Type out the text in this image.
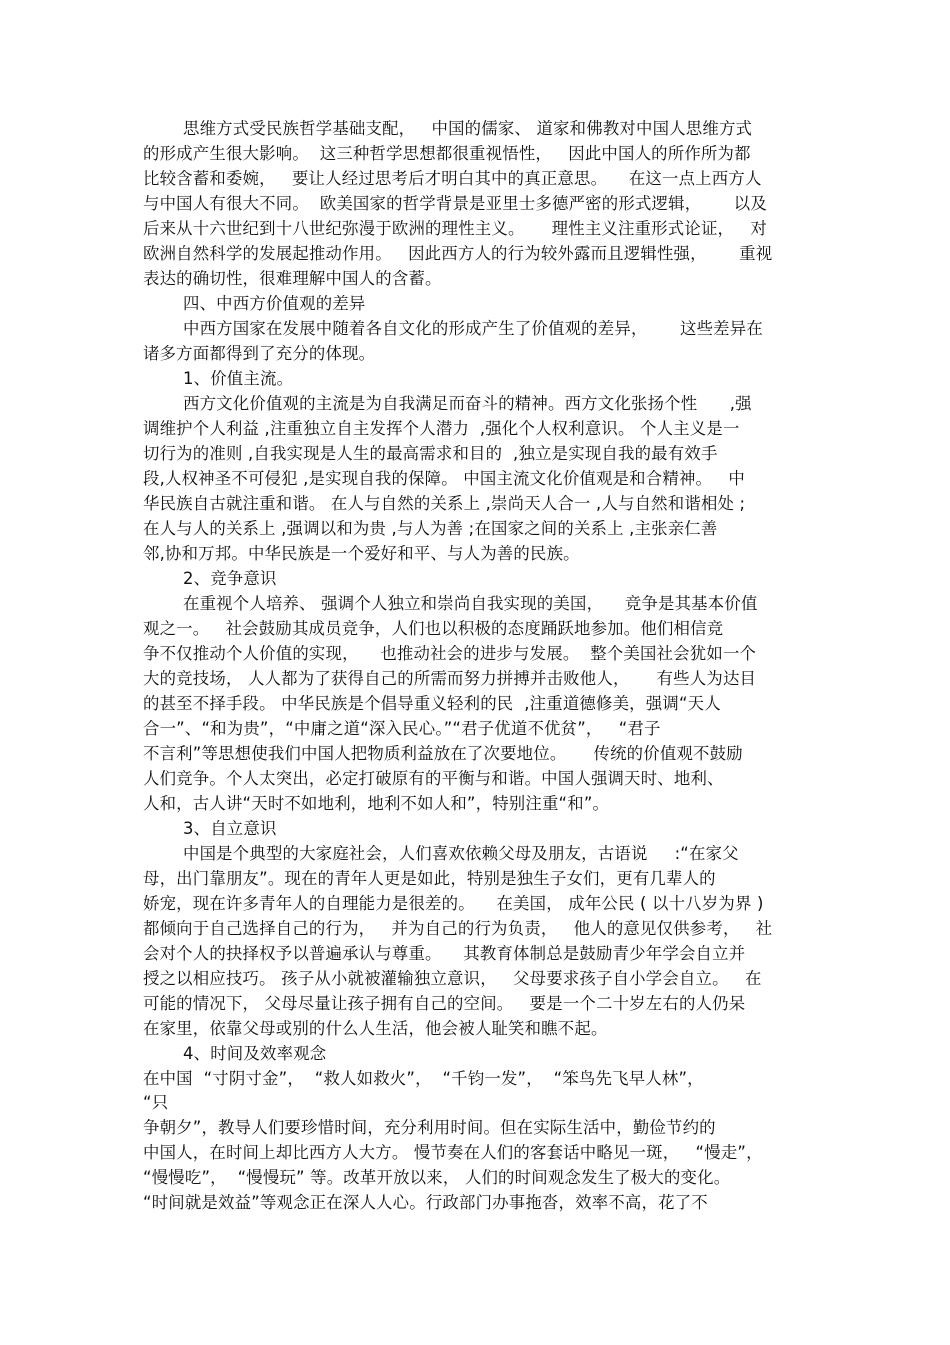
思维方式受民族哲学基础支配，   中国的儒家、 道家和佛教对中国人思维方式
的形成产生很大影响。  这三种哲学思想都很重视悟性，   因此中国人的所作所为都
比较含蓄和委婉，   要让人经过思考后才明白其中的真正意思。    在这一点上西方人
与中国人有很大不同。  欧美国家的哲学背景是亚里士多德严密的形式逻辑，      以及
后来从十六世纪到十八世纪弥漫于欧洲的理性主义。     理性主义注重形式论证，   对
欧洲自然科学的发展起推动作用。   因此西方人的行为较外露而且逻辑性强，      重视
表达的确切性，很难理解中国人的含蓄。
四、中西方价值观的差异
中西方国家在发展中随着各自文化的形成产生了价值观的差异，      这些差异在
诸多方面都得到了充分的体现。
1、价值主流。
西方文化价值观的主流是为自我满足而奋斗的精神。西方文化张扬个性      ,强
调维护个人利益 ,注重独立自主发挥个人潜力  ,强化个人权利意识。 个人主义是一
切行为的准则 ,自我实现是人生的最高需求和目的  ,独立是实现自我的最有效手
段,人权神圣不可侵犯 ,是实现自我的保障。 中国主流文化价值观是和合精神。   中
华民族自古就注重和谐。 在人与自然的关系上 ,崇尚天人合一 ,人与自然和谐相处 ;
在人与人的关系上 ,强调以和为贵 ,与人为善 ;在国家之间的关系上 ,主张亲仁善
邻,协和万邦。中华民族是一个爱好和平、与人为善的民族。
2、竞争意识
在重视个人培养、 强调个人独立和崇尚自我实现的美国，    竞争是其基本价值
观之一。   社会鼓励其成员竞争，人们也以积极的态度踊跃地参加。他们相信竞
争不仅推动个人价值的实现，    也推动社会的进步与发展。  整个美国社会犹如一个
大的竞技场， 人人都为了获得自己的所需而努力拼搏并击败他人，     有些人为达目
的甚至不择手段。 中华民族是个倡导重义轻利的民  ,注重道德修美，强调“天人
合一”、“和为贵”，“中庸之道“深入民心。”“君子优道不优贫”，   “君子
不言利”等思想使我们中国人把物质利益放在了次要地位。     传统的价值观不鼓励
人们竞争。个人太突出，必定打破原有的平衡与和谐。中国人强调天时、地利、
人和，古人讲“天时不如地利，地利不如人和”，特别注重“和”。
3、自立意识
中国是个典型的大家庭社会，人们喜欢依赖父母及朋友，古语说     :“在家父
母，出门靠朋友”。现在的青年人更是如此，特别是独生子女们，更有几辈人的
娇宠，现在许多青年人的自理能力是很差的。    在美国， 成年公民 ( 以十八岁为界 )
都倾向于自己选择自己的行为，   并为自己的行为负责，   他人的意见仅供参考，   社
会对个人的抉择权予以普遍承认与尊重。    其教育体制总是鼓励青少年学会自立并
授之以相应技巧。 孩子从小就被灌输独立意识，   父母要求孩子自小学会自立。   在
可能的情况下， 父母尽量让孩子拥有自己的空间。   要是一个二十岁左右的人仍呆
在家里，依靠父母或别的什么人生活，他会被人耻笑和瞧不起。
4、时间及效率观念
在中国  “寸阴寸金”，  “救人如救火”，  “千钧一发”，  “笨鸟先飞早人林”，
“只
争朝夕”，教导人们要珍惜时间，充分利用时间。但在实际生活中，勤俭节约的
中国人，在时间上却比西方人大方。 慢节奏在人们的客套话中略见一斑，   “慢走”，
“慢慢吃”，  “慢慢玩” 等。改革开放以来， 人们的时间观念发生了极大的变化。
“时间就是效益”等观念正在深人人心。行政部门办事拖沓，效率不高，花了不
